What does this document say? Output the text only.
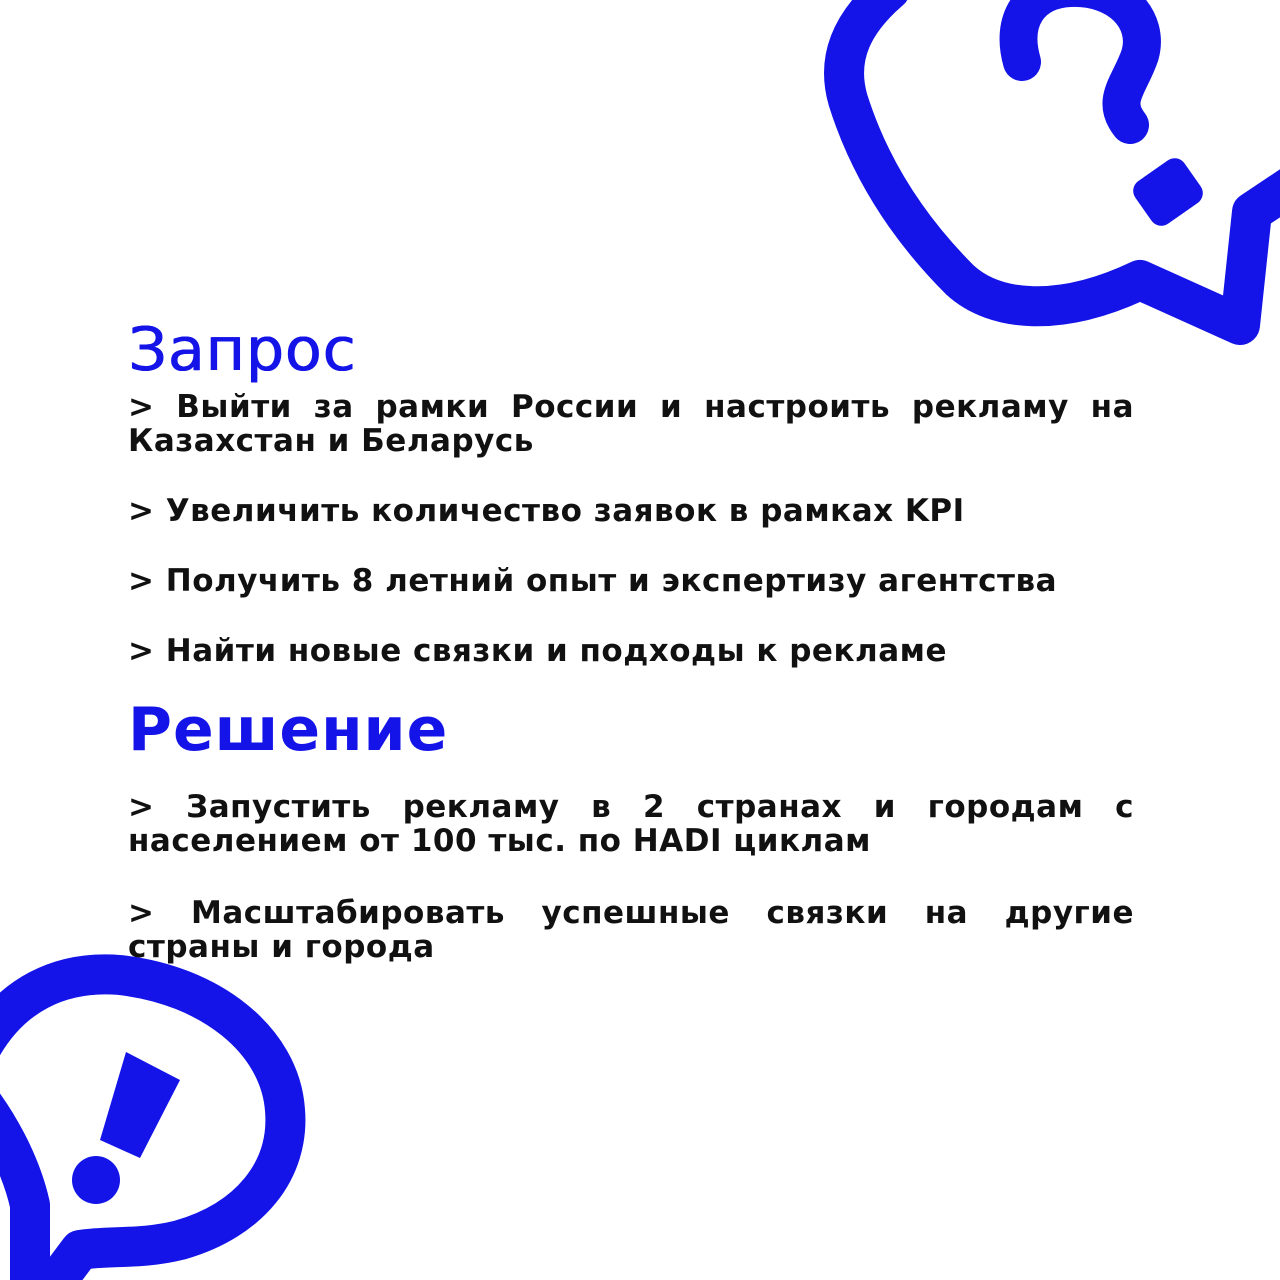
Запрос

> Выйти за рамки России и настроить рекламу на Казахстан и Беларусь

> Увеличить количество заявок в рамках KPI

> Получить 8 летний опыт и экспертизу агентства

> Найти новые связки и подходы к рекламе

Решение

> Запустить рекламу в 2 странах и городам с населением от 100 тыс. по HADI циклам

> Масштабировать успешные связки на другие страны и города
